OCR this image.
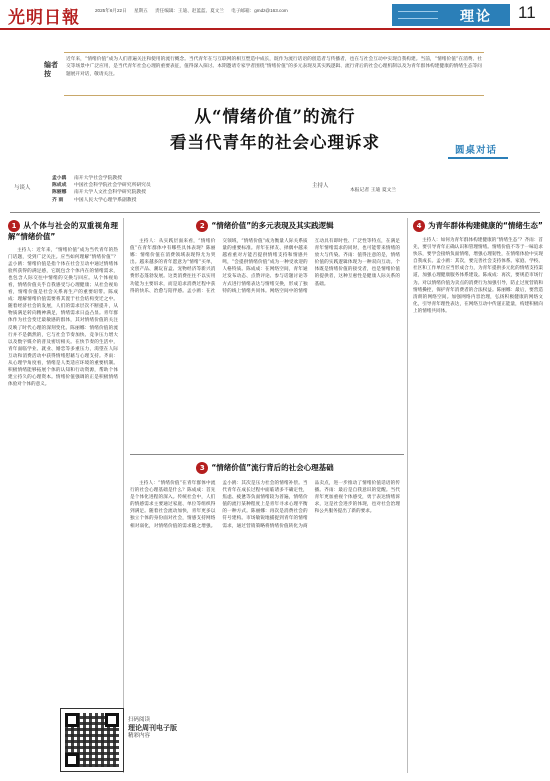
光明日報	2025年6月22日 星期五 责任编辑：王迪、赵蓝蓝、夏文兰 电子邮箱：gmdz@163.com	理论 11
编者按
近年来，“情绪价值”成为人们普遍关注和使用的流行概念。当代青年在与互联网的相互塑造中成长，既作为流行话语的创造者与传播者，也在与社会互动中实现自我构建。当前，“情绪价值”在消费、社交等场景中广泛应用，是当代青年社会心理的重要表征，值得深入探讨。本期邀请专家学者围绕“情绪价值”的多元表现及其实践逻辑、流行背后的社会心理机制以及为青年群体构建健康的情绪生态等问题展开对话，敬请关注。
从“情绪价值”的流行
看当代青年的社会心理诉求	圆桌对话
与谈人
孟小鸥 南开大学社会学院教授
陈成成 中国社会科学院社会学研究所研究员
陈丽娜 南开大学人文社会科学研究院教授
齐 雨 中国人民大学心理学系副教授
主持人
本报记者 王迪 夏文兰
1 从个体与社会的双重视角理解“情绪价值”

主持人：近年来，“情绪价值”成为当代青年的热门话题，受到广泛关注。应当如何理解“情绪价值”？孟小鸥：情绪价值是指个体在社会互动中通过情绪体验所获得的满足感，它既包含个体内在的情绪需求，也包含人际交往中情绪的交换与回应。从个体视角看，情绪价值关乎自我感受与心理健康；从社会视角看，情绪价值是社会关系再生产的重要纽带。陈成成：理解情绪价值需要将其置于社会结构变迁之中。随着经济社会的发展，人们的需求层次不断提升，从物质满足转向精神满足，情绪需求日益凸显。青年群体作为社会变迁最敏感的群体，其对情绪价值的关注反映了时代心理的深刻变化。陈丽娜：情绪价值的流行并不是偶然的，它与社会节奏加快、竞争压力增大以及数字媒介的普及密切相关。在快节奏的生活中，青年面临学业、就业、婚恋等多重压力，渴望在人际互动和消费活动中获得情绪慰藉与心理支持。齐雨：从心理学角度看，情绪是人类适应环境的重要机制。积极情绪能够拓展个体的认知和行动资源，帮助个体建立持久的心理资本。情绪价值强调的正是积极情绪体验对个体的意义。

2 “情绪价值”的多元表现及其实践逻辑

主持人：从实践层面来看，“情绪价值”在青年群体中有哪些具体表现？陈丽娜：情绪价值在消费领域表现得尤为突出。越来越多的青年愿意为“情绪”买单，文创产品、潮玩盲盒、宠物经济等新兴消费形态蓬勃发展。这类消费往往不以实用功能为主要诉求，而是追求消费过程中获得的快乐、治愈与陪伴感。孟小鸥：在社交领域，“情绪价值”成为衡量人际关系质量的重要标准。青年在择友、择偶中越来越看重对方能否提供情绪支持和情感共鸣，“会提供情绪价值”成为一种受欢迎的人格特质。陈成成：在网络空间，青年通过发布动态、点赞评论、参与话题讨论等方式进行情绪表达与情绪交换，形成了独特的线上情绪共同体。网络空间中的情绪互动具有即时性、广泛性等特点，在满足青年情绪需求的同时，也可能带来情绪的放大与传染。齐雨：值得注意的是，情绪价值的实践逻辑体现为一种双向互动。个体既是情绪价值的接受者，也是情绪价值的提供者，这种互惠性是健康人际关系的基础。

3 “情绪价值”流行背后的社会心理基础

主持人：“情绪价值”在青年群体中流行的社会心理基础是什么？陈成成：首先是个体化进程的深入。传统社会中，人们的情感需求主要通过家庭、单位等组织得到满足。随着社会流动加快，青年更多以独立个体的身份面对社会，情感支持网络相对弱化，对情绪价值的需求随之增强。孟小鸥：其次是压力社会的情绪补偿。当代青年在成长过程中面临诸多不确定性，焦虑、疲惫等负面情绪较为普遍，情绪价值的流行某种程度上是青年寻求心理平衡的一种方式。陈丽娜：再次是消费社会的符号建构。市场敏锐地捕捉到青年的情绪需求，通过营销策略将情绪价值转化为商品卖点，进一步推动了情绪价值话语的传播。齐雨：最后是自我意识的觉醒。当代青年更加重视个体感受，勇于表达情绪诉求，这是社会进步的体现，也对社会治理和公共服务提出了新的要求。

4 为青年群体构建健康的“情绪生态”

主持人：如何为青年群体构建健康的“情绪生态”？齐雨：首先，要引导青年正确认识和管理情绪。情绪价值不等于一味追求快乐，要学会接纳负面情绪，增强心理韧性，在情绪体验中实现自我成长。孟小鸥：其次，要完善社会支持体系。家庭、学校、社区和工作单位应当形成合力，为青年提供多元化的情绪支持渠道，加强心理健康服务体系建设。陈成成：再次，要规范市场行为。对以情绪价值为卖点的消费行为加强引导，防止过度营销和情绪操控，保护青年消费者的合法权益。陈丽娜：最后，要营造清朗的网络空间。加强网络内容治理，弘扬积极健康的网络文化，引导青年理性表达，在网络互动中传递正能量，构建积极向上的情绪共同体。

扫码阅读
理论周刊电子版
精彩内容
